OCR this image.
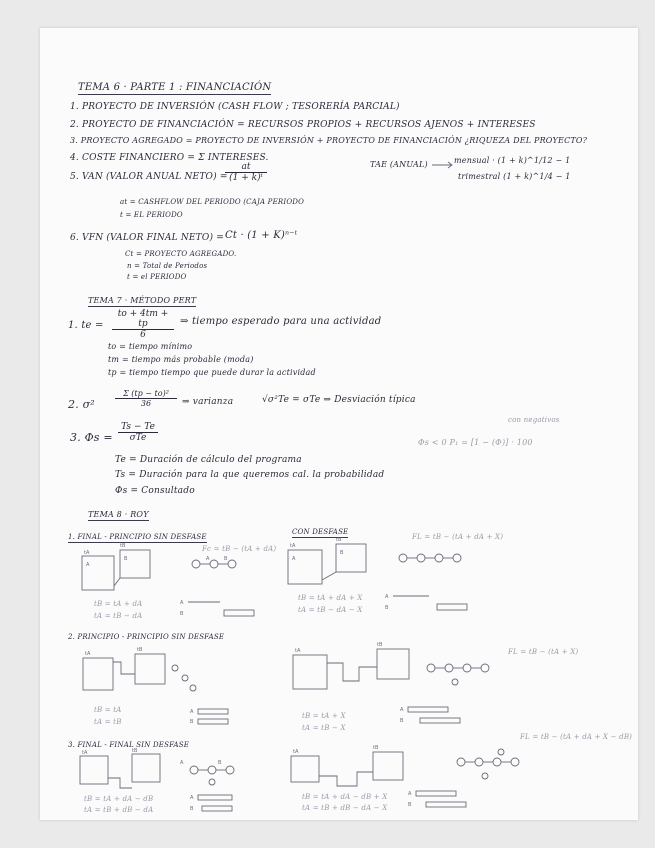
TEMA 6 · PARTE 1 : FINANCIACIÓN
1. PROYECTO DE INVERSIÓN (CASH FLOW ; TESORERÍA PARCIAL)
2. PROYECTO DE FINANCIACIÓN = RECURSOS PROPIOS + RECURSOS AJENOS + INTERESES
3. PROYECTO AGREGADO = PROYECTO DE INVERSIÓN + PROYECTO DE FINANCIACIÓN ¿RIQUEZA DEL PROYECTO?
4. COSTE FINANCIERO = Σ INTERESES.
5. VAN (VALOR ANUAL NETO) =
$\frac{at}{\text{(1 + k)ᵗ}}$	TAE (ANUAL)	mensual · (1 + k)^1/12 − 1
trimestral (1 + k)^1/4 − 1
at = CASHFLOW DEL PERIODO (CAJA PERIODO
t = EL PERIODO
6. VFN (VALOR FINAL NETO) = Ct · (1 + K)ⁿ⁻ᵗ
Ct = PROYECTO AGREGADO.
n = Total de Periodos
t = el PERIODO
TEMA 7 · MÉTODO PERT
1. te = $\frac{to + 4tm + tp}{6}$ ⇒ tiempo esperado para una actividad
to = tiempo mínimo
tm = tiempo más probable (moda)
tp = tiempo tiempo que puede durar la actividad
2. σ²	$\frac{\text{Σ (tp − to)²}}{36}$ ⇒ varianza	√σ²Te = σTe ⇒ Desviación típica
3. Φs =
Ts − Te
σTe
con negativos
Φs < 0 P₁ = [1 − (Φ)] · 100
Te = Duración de cálculo del programa
Ts = Duración para la que queremos cal. la probabilidad
Φs = Consultado
TEMA 8 · ROY
1. FINAL - PRINCIPIO SIN DESFASE
CON DESFASE
Fc = tB − (tA + dA)
FL = tB − (tA + dA + X)
tA
tB
A
B	A	B
tB = tA + dA
tA = tB − dA
A
B
tA
tB
A
B
tB = tA + dA + X
tA = tB − dA − X
A
B
2. PRINCIPIO - PRINCIPIO SIN DESFASE
FL = tB − (tA + X)
tA
tB
A
B
tB = tA
tA = tB
tA
tB
tB = tA + X
tA = tB − X
A
B
3. FINAL - FINAL SIN DESFASE
FL = tB − (tA + dA + X − dB)
tA	tB
A	B
tB = tA + dA − dB
tA = tB + dB − dA
A
B
tA
tB
tB = tA + dA − dB + X
tA = tB + dB − dA − X
A
B
